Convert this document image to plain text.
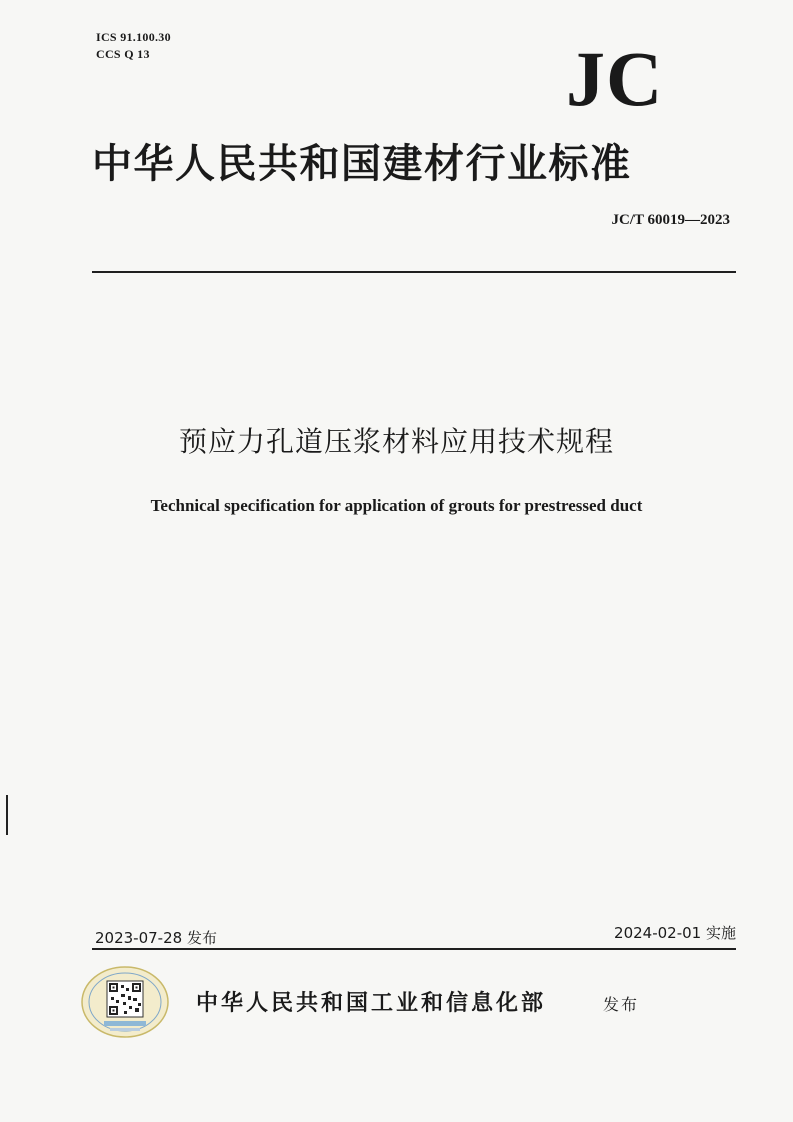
ICS 91.100.30
CCS Q 13	JC
中华人民共和国建材行业标准
JC/T 60019—2023
预应力孔道压浆材料应用技术规程
Technical specification for application of grouts for prestressed duct
2023-07-28 发布	2024-02-01 实施
中华人民共和国工业和信息化部	发布
